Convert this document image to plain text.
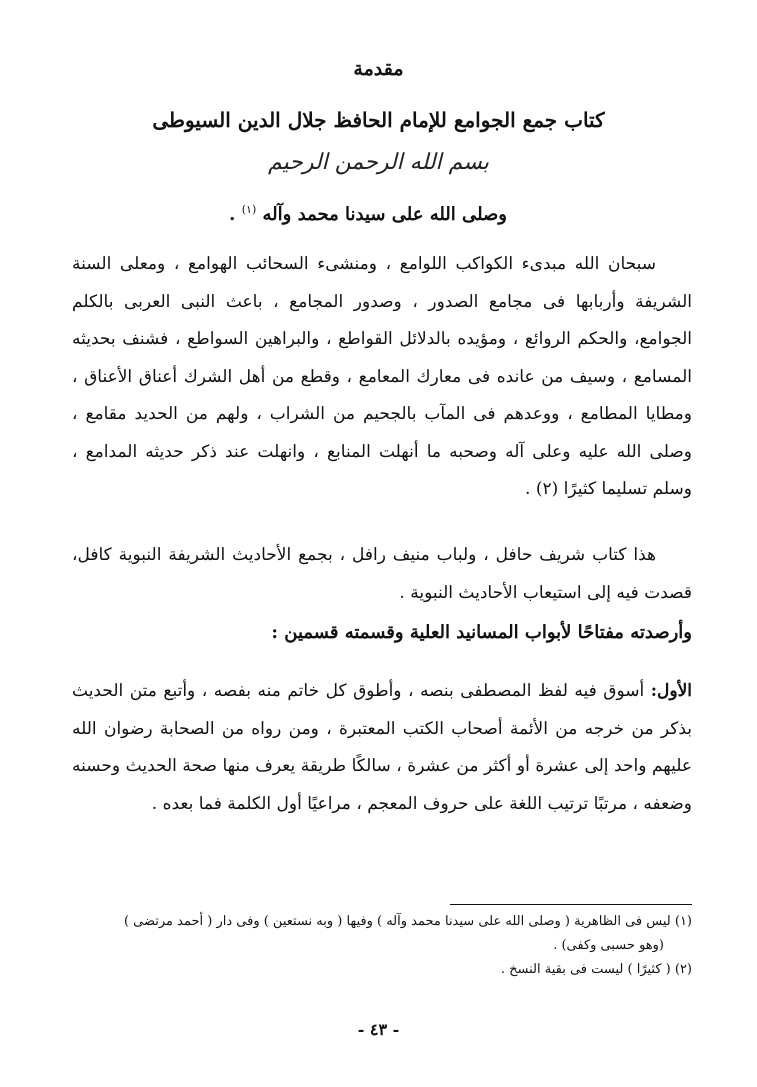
مقدمة
كتاب جمع الجوامع للإمام الحافظ جلال الدين السيوطى
بسم الله الرحمن الرحيم
وصلى الله على سيدنا محمد وآله $^{(١)}$ .
سبحان الله مبدىء الكواكب اللوامع ، ومنشىء السحائب الهوامع ، ومعلى السنة الشريفة وأربابها فى مجامع الصدور ، وصدور المجامع ، باعث النبى العربى بالكلم الجوامع، والحكم الروائع ، ومؤيده بالدلائل القواطع ، والبراهين السواطع ، فشنف بحديثه المسامع ، وسيف من عانده فى معارك المعامع ، وقطع من أهل الشرك أعناق الأعناق ، ومطايا المطامع ، ووعدهم فى المآب بالجحيم من الشراب ، ولهم من الحديد مقامع ، وصلى الله عليه وعلى آله وصحبه ما أنهلت المنابع ، وانهلت عند ذكر حديثه المدامع ، وسلم تسليما كثيرًا (٢) .
هذا كتاب شريف حافل ، ولباب منيف رافل ، بجمع الأحاديث الشريفة النبوية كافل، قصدت فيه إلى استيعاب الأحاديث النبوية .
وأرصدته مفتاحًا لأبواب المسانيد العلية وقسمته قسمين :
الأول: أسوق فيه لفظ المصطفى بنصه ، وأطوق كل خاتم منه بفصه ، وأتبع متن الحديث بذكر من خرجه من الأئمة أصحاب الكتب المعتبرة ، ومن رواه من الصحابة رضوان الله عليهم واحد إلى عشرة أو أكثر من عشرة ، سالكًا طريقة يعرف منها صحة الحديث وحسنه وضعفه ، مرتبًا ترتيب اللغة على حروف المعجم ، مراعيًا أول الكلمة فما بعده .

(١) ليس فى الظاهرية ( وصلى الله على سيدنا محمد وآله ) وفيها ( وبه نستعين ) وفى دار ( أحمد مرتضى )

(وهو حسبى وكفى) .

(٢) ( كثيرًا ) ليست فى بقية النسخ .

- ٤٣ -
